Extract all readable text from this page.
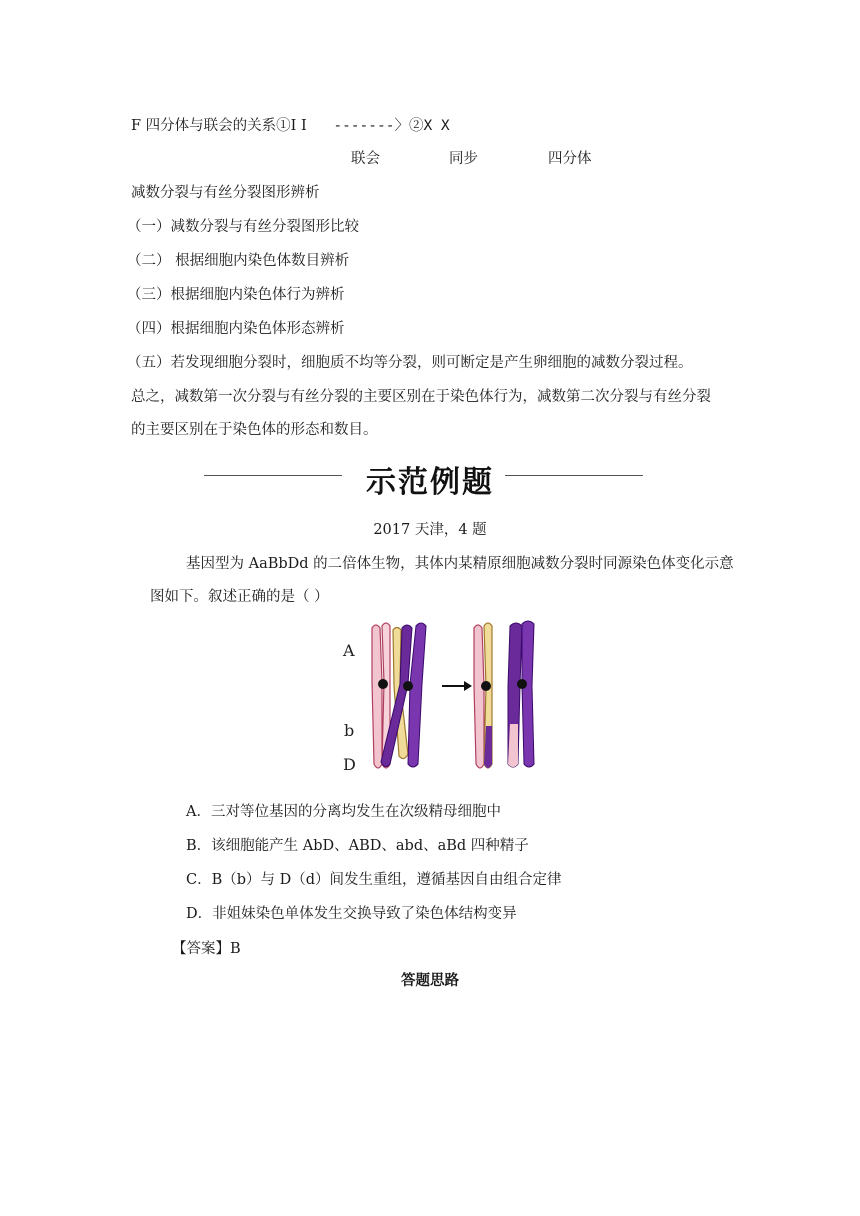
F 四分体与联会的关系①I I -------〉②X X
联会	同步	四分体
减数分裂与有丝分裂图形辨析
（一）减数分裂与有丝分裂图形比较
（二） 根据细胞内染色体数目辨析
（三）根据细胞内染色体行为辨析
（四）根据细胞内染色体形态辨析
（五）若发现细胞分裂时，细胞质不均等分裂，则可断定是产生卵细胞的减数分裂过程。
总之，减数第一次分裂与有丝分裂的主要区别在于染色体行为，减数第二次分裂与有丝分裂
的主要区别在于染色体的形态和数目。
示范例题
2017 天津，4 题
基因型为 AaBbDd 的二倍体生物，其体内某精原细胞减数分裂时同源染色体变化示意
图如下。叙述正确的是（ ）
A
b
D
A．三对等位基因的分离均发生在次级精母细胞中
B．该细胞能产生 AbD、ABD、abd、aBd 四种精子
C．B（b）与 D（d）间发生重组，遵循基因自由组合定律
D．非姐妹染色单体发生交换导致了染色体结构变异
【答案】B
答题思路
